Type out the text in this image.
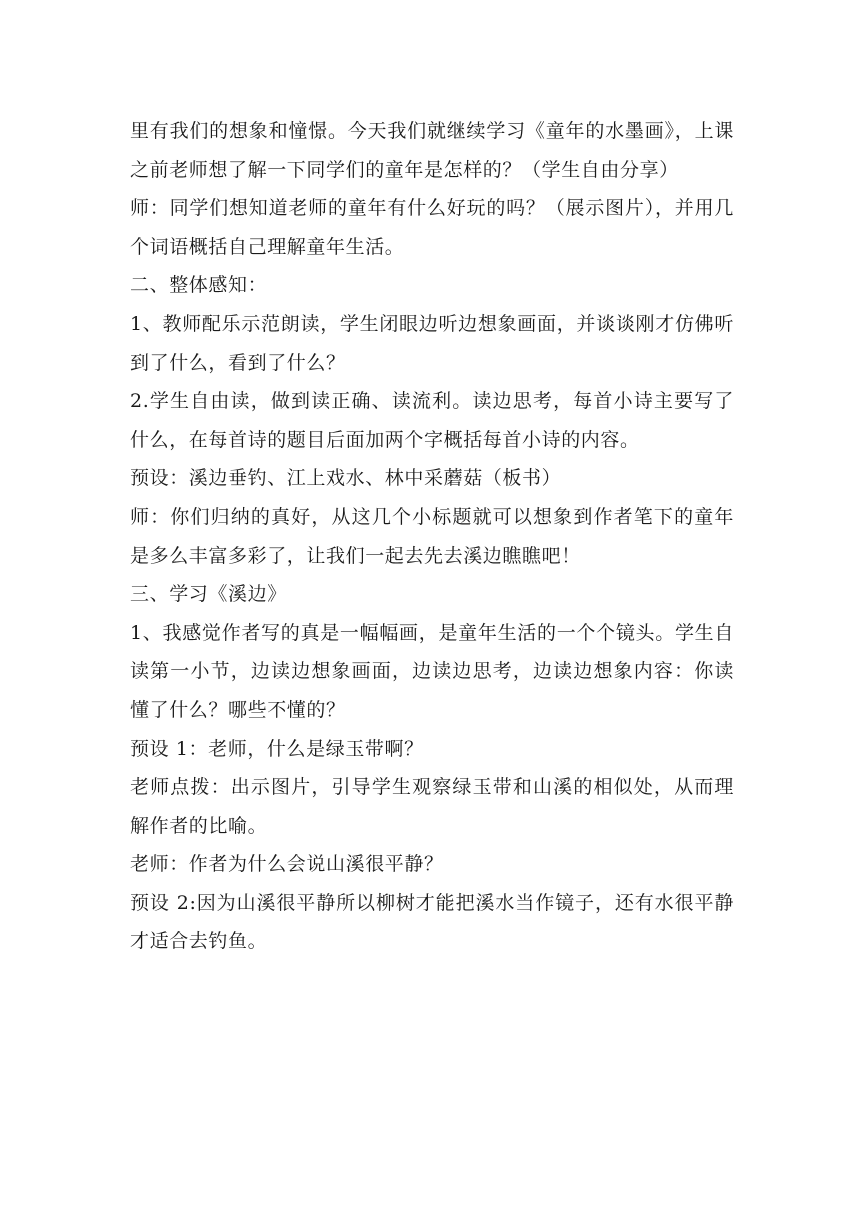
里有我们的想象和憧憬。今天我们就继续学习《童年的水墨画》，上课之前老师想了解一下同学们的童年是怎样的？（学生自由分享）

师：同学们想知道老师的童年有什么好玩的吗？（展示图片），并用几个词语概括自己理解童年生活。

二、整体感知：

1、教师配乐示范朗读，学生闭眼边听边想象画面，并谈谈刚才仿佛听到了什么，看到了什么？

2.学生自由读，做到读正确、读流利。读边思考，每首小诗主要写了什么，在每首诗的题目后面加两个字概括每首小诗的内容。

预设：溪边垂钓、江上戏水、林中采蘑菇（板书）

师：你们归纳的真好，从这几个小标题就可以想象到作者笔下的童年是多么丰富多彩了，让我们一起去先去溪边瞧瞧吧！

三、学习《溪边》

1、我感觉作者写的真是一幅幅画，是童年生活的一个个镜头。学生自读第一小节，边读边想象画面，边读边思考，边读边想象内容：你读懂了什么？哪些不懂的？

预设 1：老师，什么是绿玉带啊？

老师点拨：出示图片，引导学生观察绿玉带和山溪的相似处，从而理解作者的比喻。

老师：作者为什么会说山溪很平静？

预设 2:因为山溪很平静所以柳树才能把溪水当作镜子，还有水很平静才适合去钓鱼。
